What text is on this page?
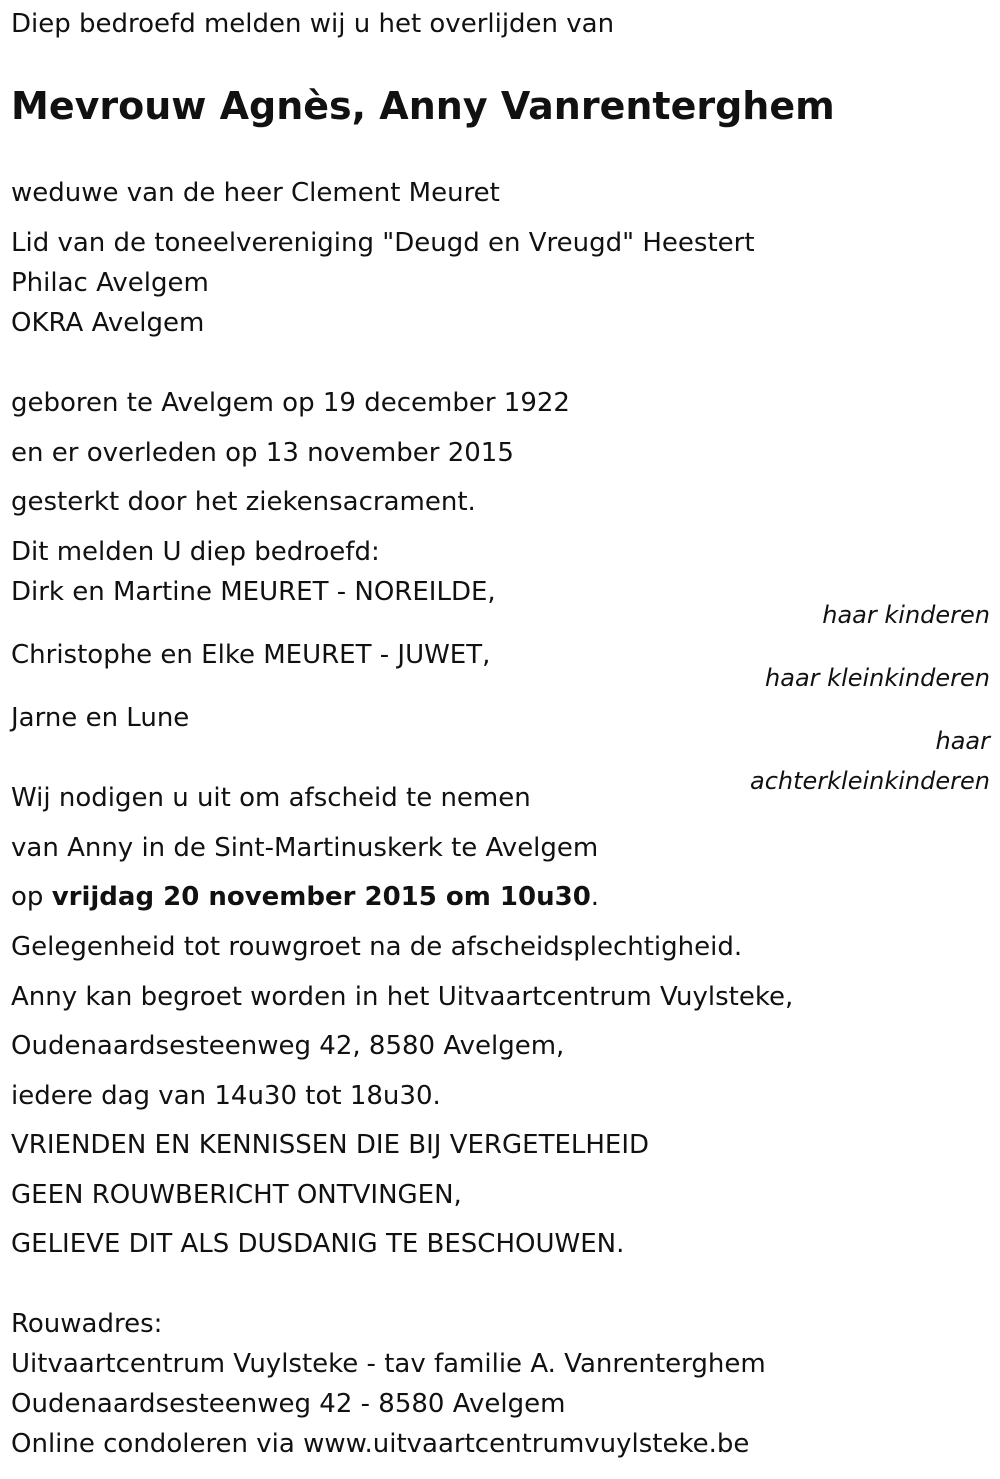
Diep bedroefd melden wij u het overlijden van

Mevrouw Agnès, Anny Vanrenterghem

weduwe van de heer Clement Meuret

Lid van de toneelvereniging "Deugd en Vreugd" Heestert

Philac Avelgem

OKRA Avelgem

geboren te Avelgem op 19 december 1922

en er overleden op 13 november 2015

gesterkt door het ziekensacrament.

Dit melden U diep bedroefd:

Dirk en Martine MEURET - NOREILDE,

haar kinderen

Christophe en Elke MEURET - JUWET,

haar kleinkinderen

Jarne en Lune

haar
achterkleinkinderen

Wij nodigen u uit om afscheid te nemen

van Anny in de Sint-Martinuskerk te Avelgem

op vrijdag 20 november 2015 om 10u30.

Gelegenheid tot rouwgroet na de afscheidsplechtigheid.

Anny kan begroet worden in het Uitvaartcentrum Vuylsteke,

Oudenaardsesteenweg 42, 8580 Avelgem,

iedere dag van 14u30 tot 18u30.

VRIENDEN EN KENNISSEN DIE BIJ VERGETELHEID

GEEN ROUWBERICHT ONTVINGEN,

GELIEVE DIT ALS DUSDANIG TE BESCHOUWEN.

Rouwadres:

Uitvaartcentrum Vuylsteke - tav familie A. Vanrenterghem

Oudenaardsesteenweg 42 - 8580 Avelgem

Online condoleren via www.uitvaartcentrumvuylsteke.be
